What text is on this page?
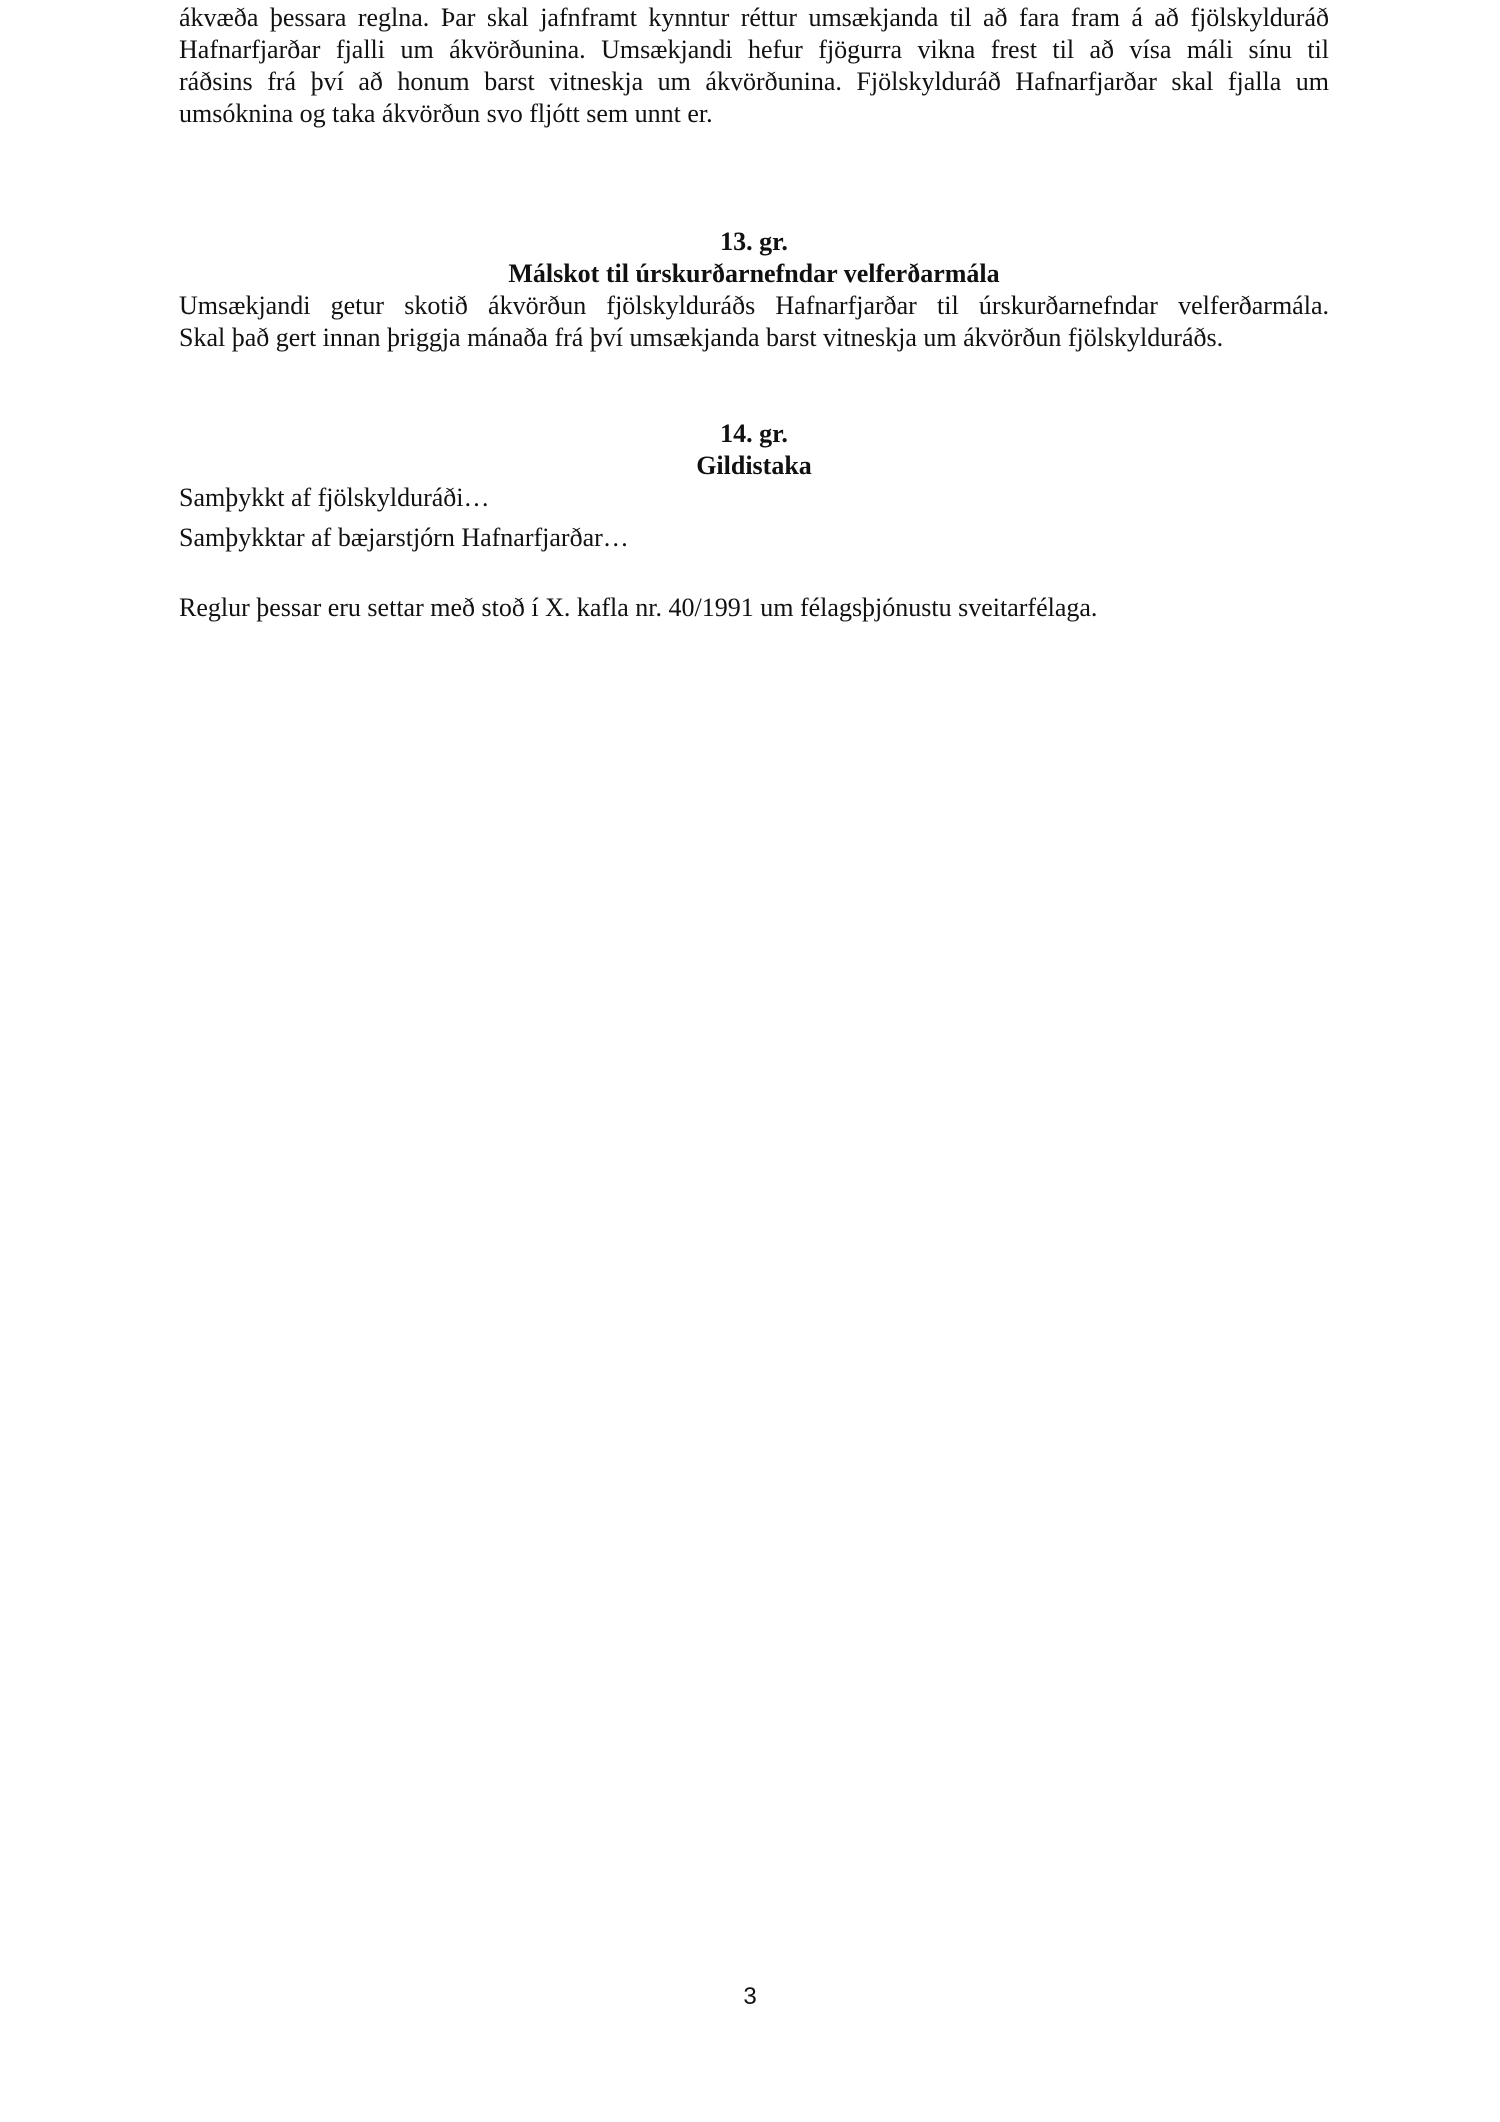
ákvæða þessara reglna. Þar skal jafnframt kynntur réttur umsækjanda til að fara fram á að fjölskylduráð
Hafnarfjarðar fjalli um ákvörðunina. Umsækjandi hefur fjögurra vikna frest til að vísa máli sínu til
ráðsins frá því að honum barst vitneskja um ákvörðunina. Fjölskylduráð Hafnarfjarðar skal fjalla um
umsóknina og taka ákvörðun svo fljótt sem unnt er.
13. gr.
Málskot til úrskurðarnefndar velferðarmála
Umsækjandi getur skotið ákvörðun fjölskylduráðs Hafnarfjarðar til úrskurðarnefndar velferðarmála.
Skal það gert innan þriggja mánaða frá því umsækjanda barst vitneskja um ákvörðun fjölskylduráðs.
14. gr.
Gildistaka
Samþykkt af fjölskylduráði…
Samþykktar af bæjarstjórn Hafnarfjarðar…
Reglur þessar eru settar með stoð í X. kafla nr. 40/1991 um félagsþjónustu sveitarfélaga.
3
